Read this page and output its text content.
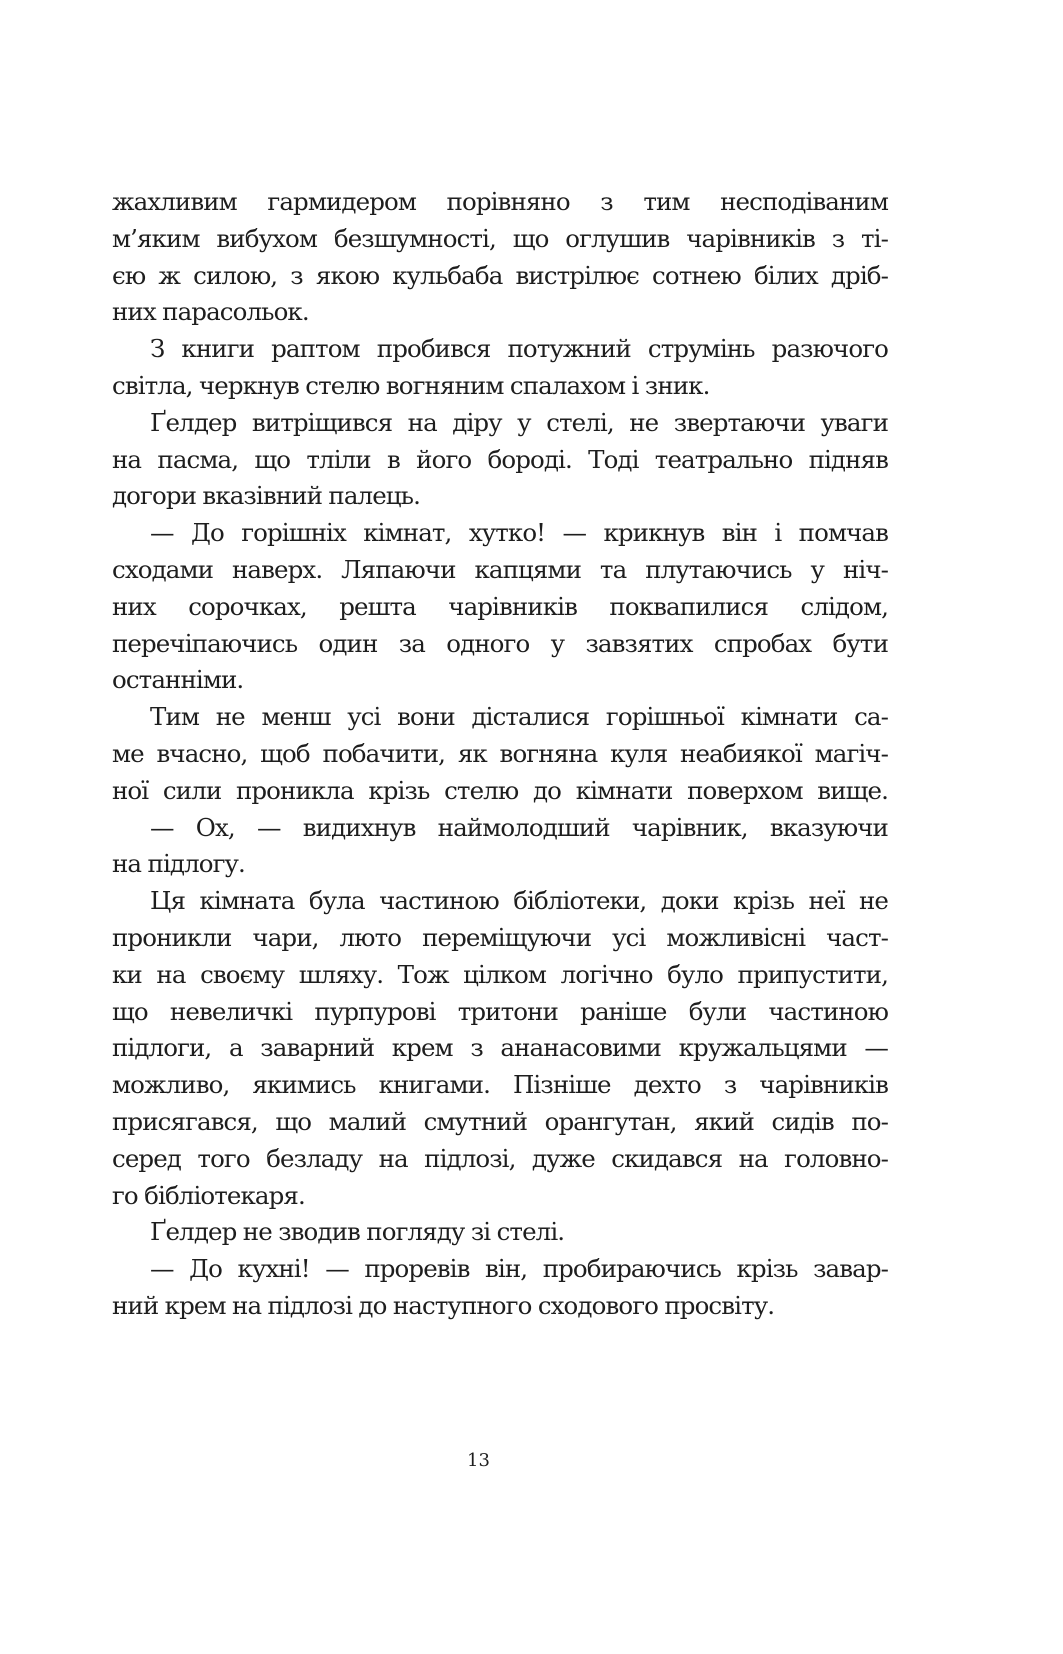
жахливим гармидером порівняно з тим несподіваним
м’яким вибухом безшумності, що оглушив чарівників з ті-
єю ж силою, з якою кульбаба вистрілює сотнею білих дріб-
них парасольок.
З книги раптом пробився потужний струмінь разючого
світла, черкнув стелю вогняним спалахом і зник.
Ґелдер витріщився на діру у стелі, не звертаючи уваги
на пасма, що тліли в його бороді. Тоді театрально підняв
догори вказівний палець.
— До горішніх кімнат, хутко! — крикнув він і помчав
сходами наверх. Ляпаючи капцями та плутаючись у ніч-
них сорочках, решта чарівників поквапилися слідом,
перечіпаючись один за одного у завзятих спробах бути
останніми.
Тим не менш усі вони дісталися горішньої кімнати са-
ме вчасно, щоб побачити, як вогняна куля неабиякої магіч-
ної сили проникла крізь стелю до кімнати поверхом вище.
— Ох, — видихнув наймолодший чарівник, вказуючи
на підлогу.
Ця кімната була частиною бібліотеки, доки крізь неї не
проникли чари, люто переміщуючи усі можливісні част-
ки на своєму шляху. Тож цілком логічно було припустити,
що невеличкі пурпурові тритони раніше були частиною
підлоги, а заварний крем з ананасовими кружальцями —
можливо, якимись книгами. Пізніше дехто з чарівників
присягався, що малий смутний орангутан, який сидів по-
серед того безладу на підлозі, дуже скидався на головно-
го бібліотекаря.
Ґелдер не зводив погляду зі стелі.
— До кухні! — проревів він, пробираючись крізь завар-
ний крем на підлозі до наступного сходового просвіту.
13
